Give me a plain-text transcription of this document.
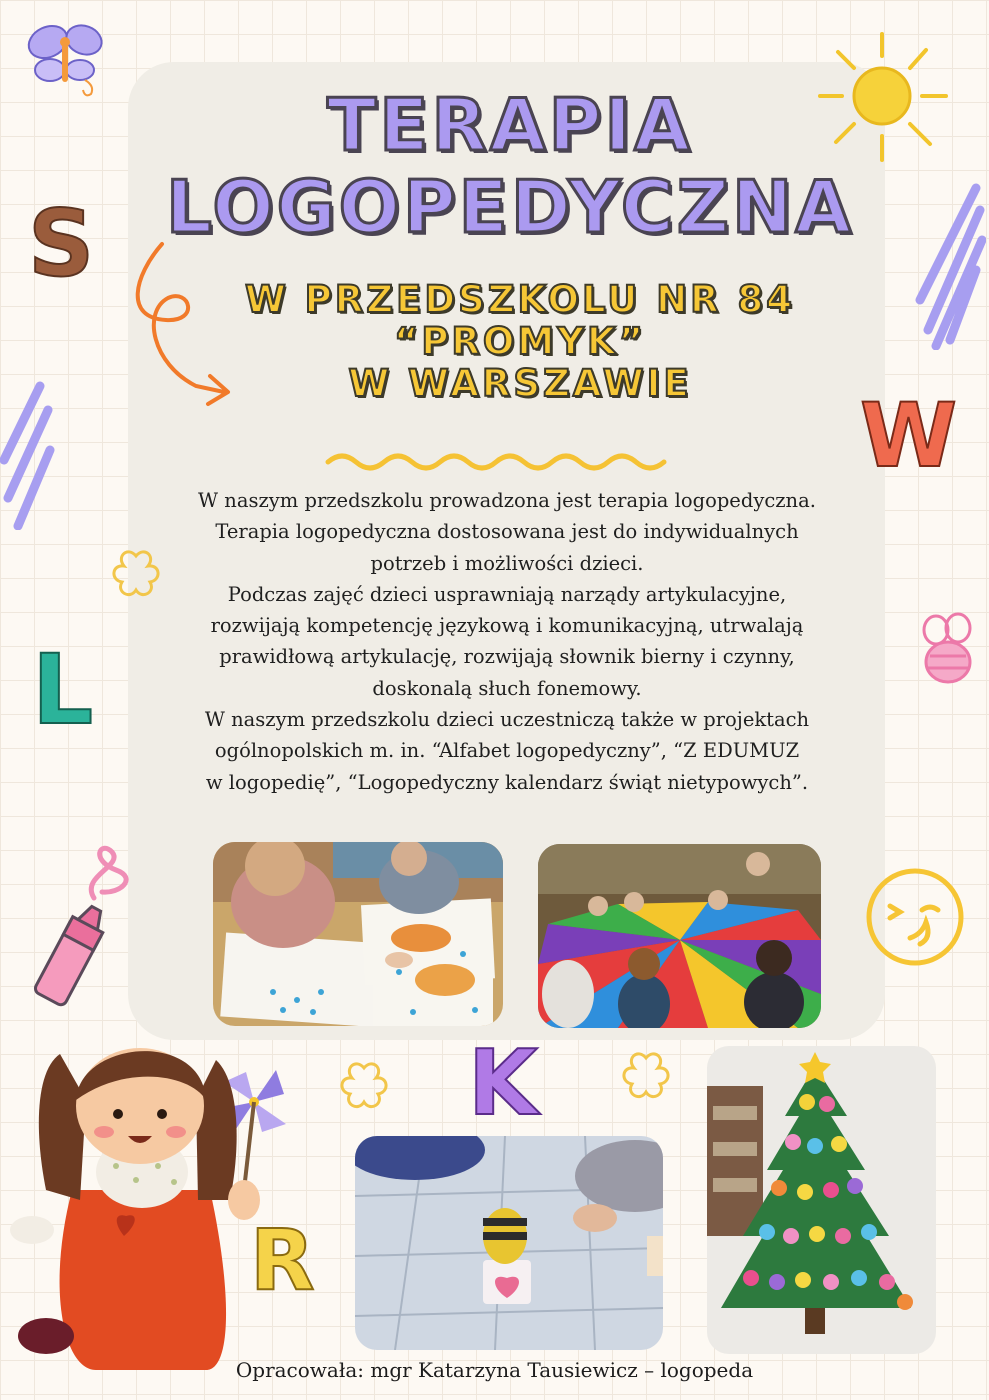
S
W
L
K
R
TERAPIA
LOGOPEDYCZNA
W PRZEDSZKOLU NR 84
“PROMYK”
W WARSZAWIE
W naszym przedszkolu prowadzona jest terapia logopedyczna.
Terapia logopedyczna dostosowana jest do indywidualnych
potrzeb i możliwości dzieci.
Podczas zajęć dzieci usprawniają narządy artykulacyjne,
rozwijają kompetencję językową i komunikacyjną, utrwalają
prawidłową artykulację, rozwijają słownik bierny i czynny,
doskonalą słuch fonemowy.
W naszym przedszkolu dzieci uczestniczą także w projektach
ogólnopolskich m. in. “Alfabet logopedyczny”, “Z EDUMUZ
w logopedię”, “Logopedyczny kalendarz świąt nietypowych”.
Opracowała: mgr Katarzyna Tausiewicz – logopeda
